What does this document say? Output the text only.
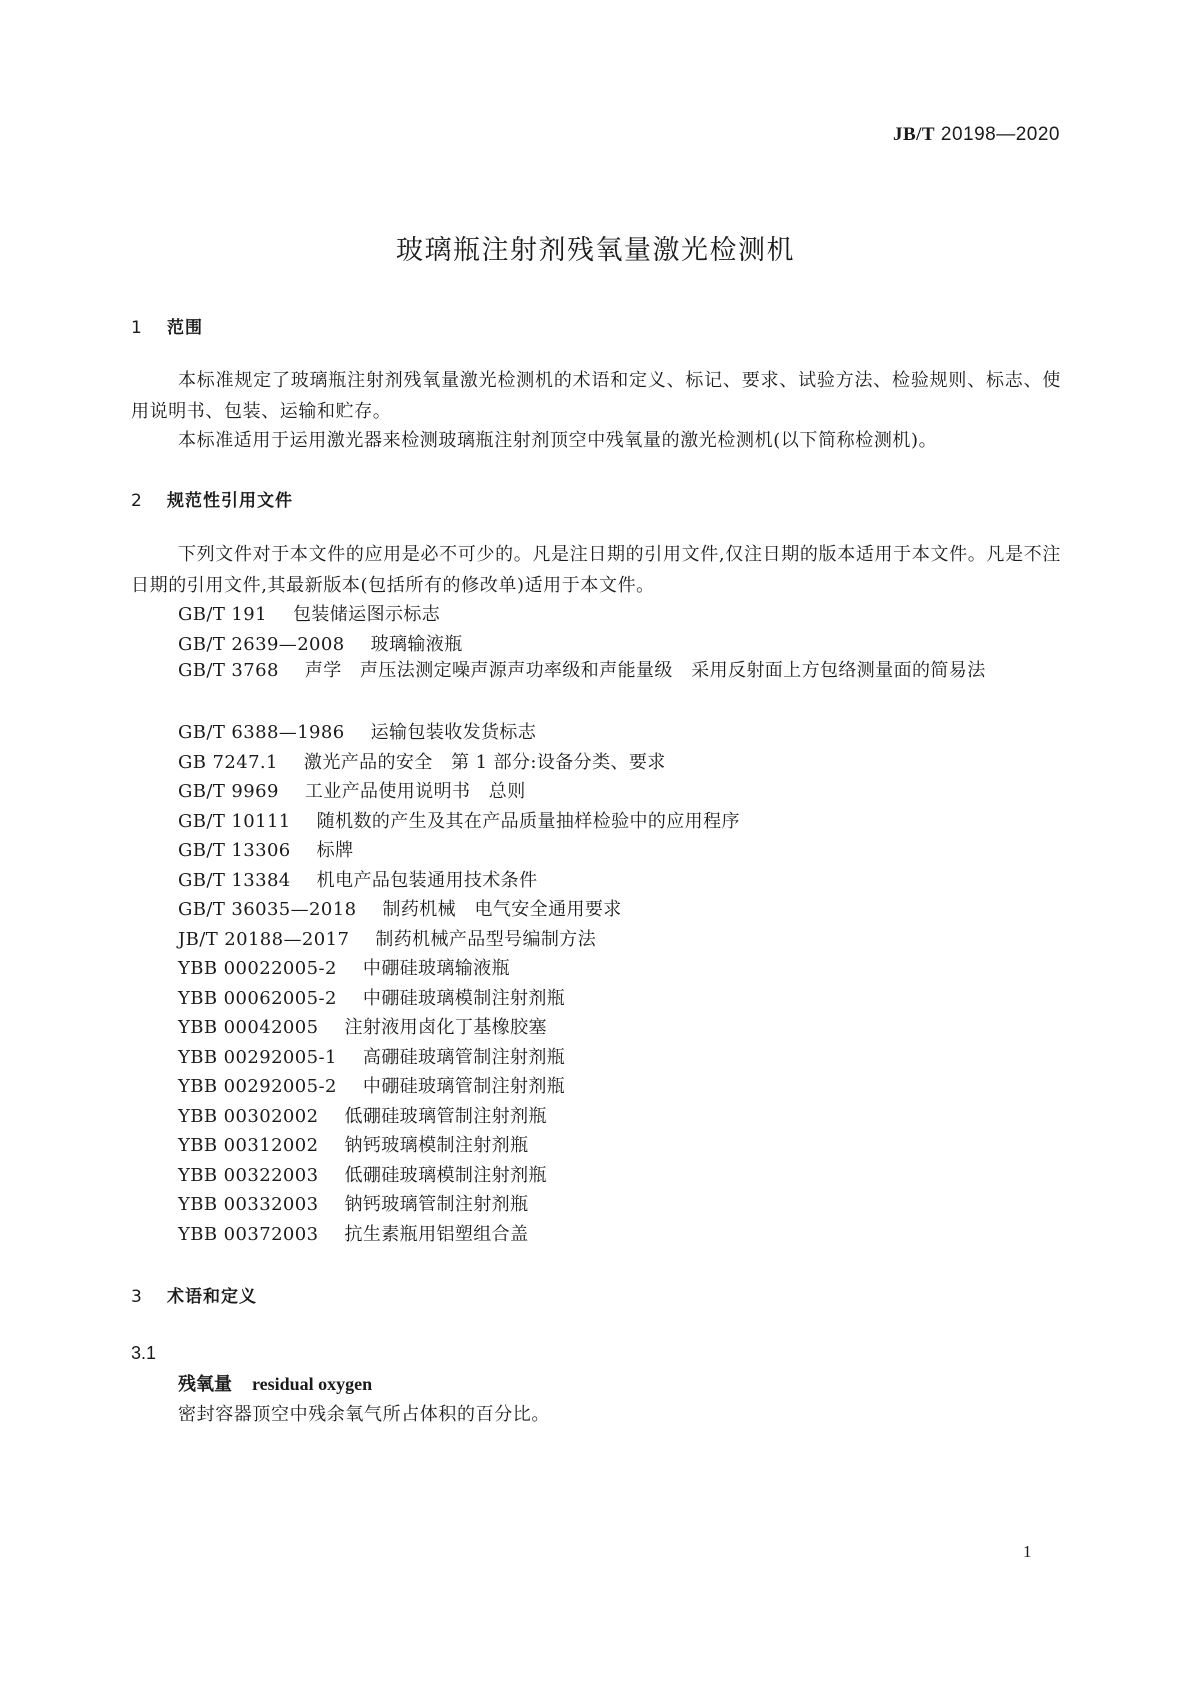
JB/T 20198—2020
玻璃瓶注射剂残氧量激光检测机
1 范围
本标准规定了玻璃瓶注射剂残氧量激光检测机的术语和定义、标记、要求、试验方法、检验规则、标志、使用说明书、包装、运输和贮存。
本标准适用于运用激光器来检测玻璃瓶注射剂顶空中残氧量的激光检测机(以下简称检测机)。
2 规范性引用文件
下列文件对于本文件的应用是必不可少的。凡是注日期的引用文件,仅注日期的版本适用于本文件。凡是不注日期的引用文件,其最新版本(包括所有的修改单)适用于本文件。
GB/T 191 包装储运图示标志
GB/T 2639—2008 玻璃输液瓶
GB/T 3768 声学　声压法测定噪声源声功率级和声能量级　采用反射面上方包络测量面的简易法
GB/T 6388—1986 运输包装收发货标志
GB 7247.1 激光产品的安全　第 1 部分:设备分类、要求
GB/T 9969 工业产品使用说明书　总则
GB/T 10111 随机数的产生及其在产品质量抽样检验中的应用程序
GB/T 13306 标牌
GB/T 13384 机电产品包装通用技术条件
GB/T 36035—2018 制药机械　电气安全通用要求
JB/T 20188—2017 制药机械产品型号编制方法
YBB 00022005-2 中硼硅玻璃输液瓶
YBB 00062005-2 中硼硅玻璃模制注射剂瓶
YBB 00042005 注射液用卤化丁基橡胶塞
YBB 00292005-1 高硼硅玻璃管制注射剂瓶
YBB 00292005-2 中硼硅玻璃管制注射剂瓶
YBB 00302002 低硼硅玻璃管制注射剂瓶
YBB 00312002 钠钙玻璃模制注射剂瓶
YBB 00322003 低硼硅玻璃模制注射剂瓶
YBB 00332003 钠钙玻璃管制注射剂瓶
YBB 00372003 抗生素瓶用铝塑组合盖
3 术语和定义
3.1
残氧量 residual oxygen
密封容器顶空中残余氧气所占体积的百分比。
1
